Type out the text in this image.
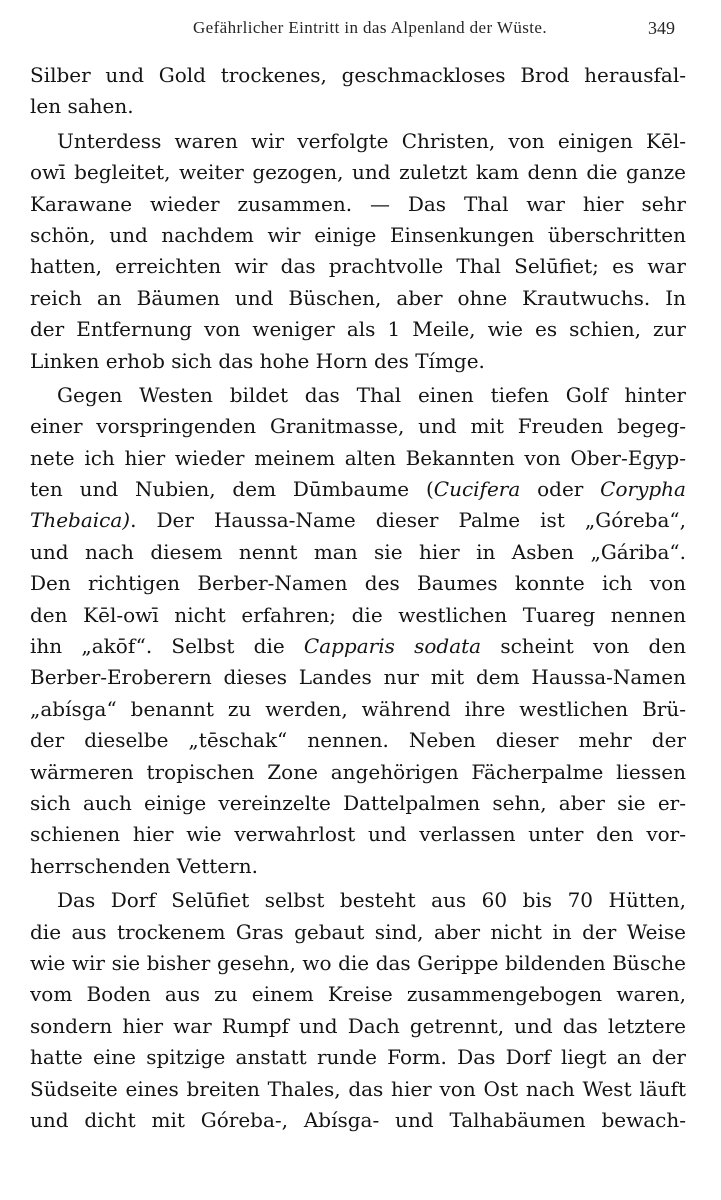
Gefährlicher Eintritt in das Alpenland der Wüste.	349
Silber und Gold trockenes, geschmackloses Brod herausfal-
len sahen.
Unterdess waren wir verfolgte Christen, von einigen Kēl-
owī begleitet, weiter gezogen, und zuletzt kam denn die ganze
Karawane wieder zusammen. — Das Thal war hier sehr
schön, und nachdem wir einige Einsenkungen überschritten
hatten, erreichten wir das prachtvolle Thal Selūfiet; es war
reich an Bäumen und Büschen, aber ohne Krautwuchs. In
der Entfernung von weniger als 1 Meile, wie es schien, zur
Linken erhob sich das hohe Horn des Tímge.
Gegen Westen bildet das Thal einen tiefen Golf hinter
einer vorspringenden Granitmasse, und mit Freuden begeg-
nete ich hier wieder meinem alten Bekannten von Ober-Egyp-
ten und Nubien, dem Dūmbaume (Cucifera oder Corypha
Thebaica). Der Haussa-Name dieser Palme ist „Góreba“,
und nach diesem nennt man sie hier in Asben „Gáriba“.
Den richtigen Berber-Namen des Baumes konnte ich von
den Kēl-owī nicht erfahren; die westlichen Tuareg nennen
ihn „akōf“. Selbst die Capparis sodata scheint von den
Berber-Eroberern dieses Landes nur mit dem Haussa-Namen
„abísga“ benannt zu werden, während ihre westlichen Brü-
der dieselbe „tēschak“ nennen. Neben dieser mehr der
wärmeren tropischen Zone angehörigen Fächerpalme liessen
sich auch einige vereinzelte Dattelpalmen sehn, aber sie er-
schienen hier wie verwahrlost und verlassen unter den vor-
herrschenden Vettern.
Das Dorf Selūfiet selbst besteht aus 60 bis 70 Hütten,
die aus trockenem Gras gebaut sind, aber nicht in der Weise
wie wir sie bisher gesehn, wo die das Gerippe bildenden Büsche
vom Boden aus zu einem Kreise zusammengebogen waren,
sondern hier war Rumpf und Dach getrennt, und das letztere
hatte eine spitzige anstatt runde Form. Das Dorf liegt an der
Südseite eines breiten Thales, das hier von Ost nach West läuft
und dicht mit Góreba-, Abísga- und Talhabäumen bewach-
